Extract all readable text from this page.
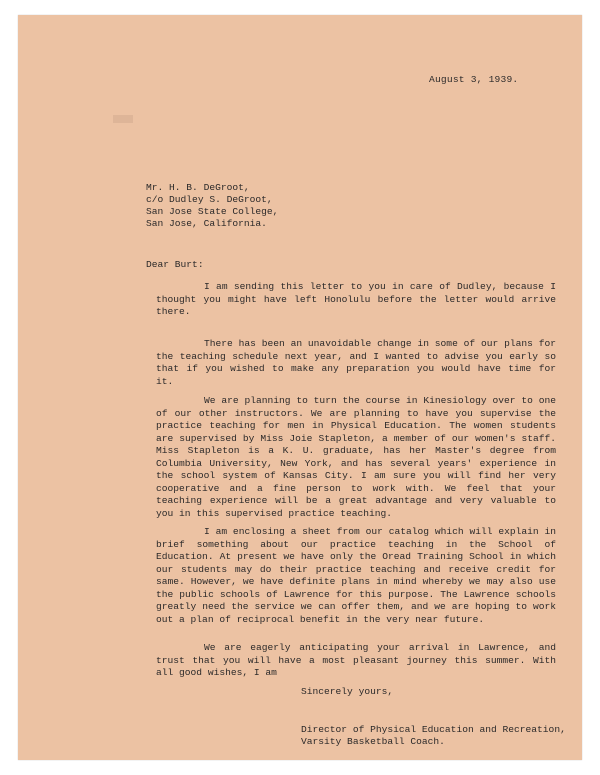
August 3, 1939.
Mr. H. B. DeGroot,
c/o Dudley S. DeGroot,
San Jose State College,
San Jose, California.
Dear Burt:
I am sending this letter to you in care of Dudley, because I thought you might have left Honolulu before the letter would arrive there.
There has been an unavoidable change in some of our plans for the teaching schedule next year, and I wanted to advise you early so that if you wished to make any preparation you would have time for it.
We are planning to turn the course in Kinesiology over to one of our other instructors. We are planning to have you supervise the practice teaching for men in Physical Education. The women students are supervised by Miss Joie Stapleton, a member of our women's staff. Miss Stapleton is a K. U. graduate, has her Master's degree from Columbia University, New York, and has several years' experience in the school system of Kansas City. I am sure you will find her very cooperative and a fine person to work with. We feel that your teaching experience will be a great advantage and very valuable to you in this supervised practice teaching.
I am enclosing a sheet from our catalog which will explain in brief something about our practice teaching in the School of Education. At present we have only the Oread Training School in which our students may do their practice teaching and receive credit for same. However, we have definite plans in mind whereby we may also use the public schools of Lawrence for this purpose. The Lawrence schools greatly need the service we can offer them, and we are hoping to work out a plan of reciprocal benefit in the very near future.
We are eagerly anticipating your arrival in Lawrence, and trust that you will have a most pleasant journey this summer. With all good wishes, I am
Sincerely yours,
Director of Physical Education and Recreation,
Varsity Basketball Coach.
